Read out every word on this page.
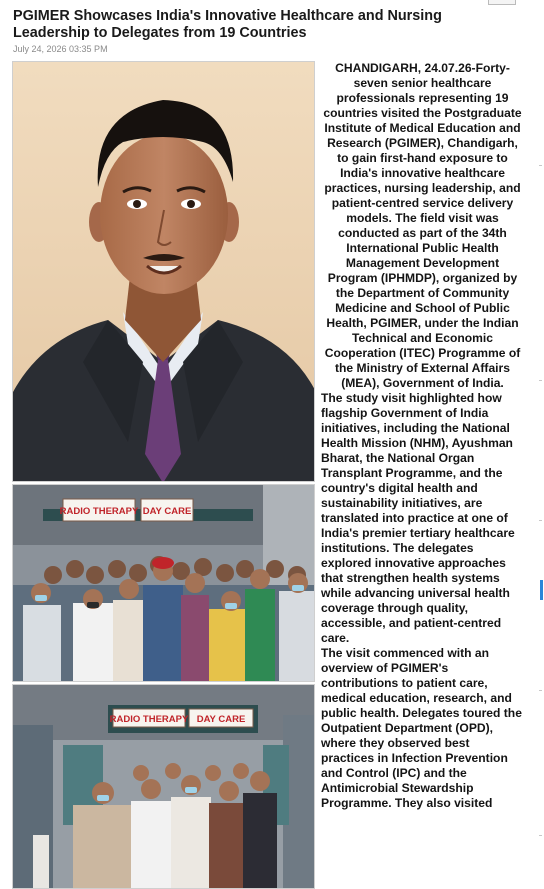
PGIMER Showcases India's Innovative Healthcare and Nursing Leadership to Delegates from 19 Countries

July 24, 2026 03:35 PM

RADIO THERAPY DAY CARE
RADIO THERAPY DAY CARE

CHANDIGARH, 24.07.26-Forty-seven senior healthcare professionals representing 19 countries visited the Postgraduate Institute of Medical Education and Research (PGIMER), Chandigarh, to gain first-hand exposure to India's innovative healthcare practices, nursing leadership, and patient-centred service delivery models. The field visit was conducted as part of the 34th International Public Health Management Development Program (IPHMDP), organized by the Department of Community Medicine and School of Public Health, PGIMER, under the Indian Technical and Economic Cooperation (ITEC) Programme of the Ministry of External Affairs (MEA), Government of India.

The study visit highlighted how flagship Government of India initiatives, including the National Health Mission (NHM), Ayushman Bharat, the National Organ Transplant Programme, and the country's digital health and sustainability initiatives, are translated into practice at one of India's premier tertiary healthcare institutions. The delegates explored innovative approaches that strengthen health systems while advancing universal health coverage through quality, accessible, and patient-centred care.

The visit commenced with an overview of PGIMER's contributions to patient care, medical education, research, and public health. Delegates toured the Outpatient Department (OPD), where they observed best practices in Infection Prevention and Control (IPC) and the Antimicrobial Stewardship Programme. They also visited
